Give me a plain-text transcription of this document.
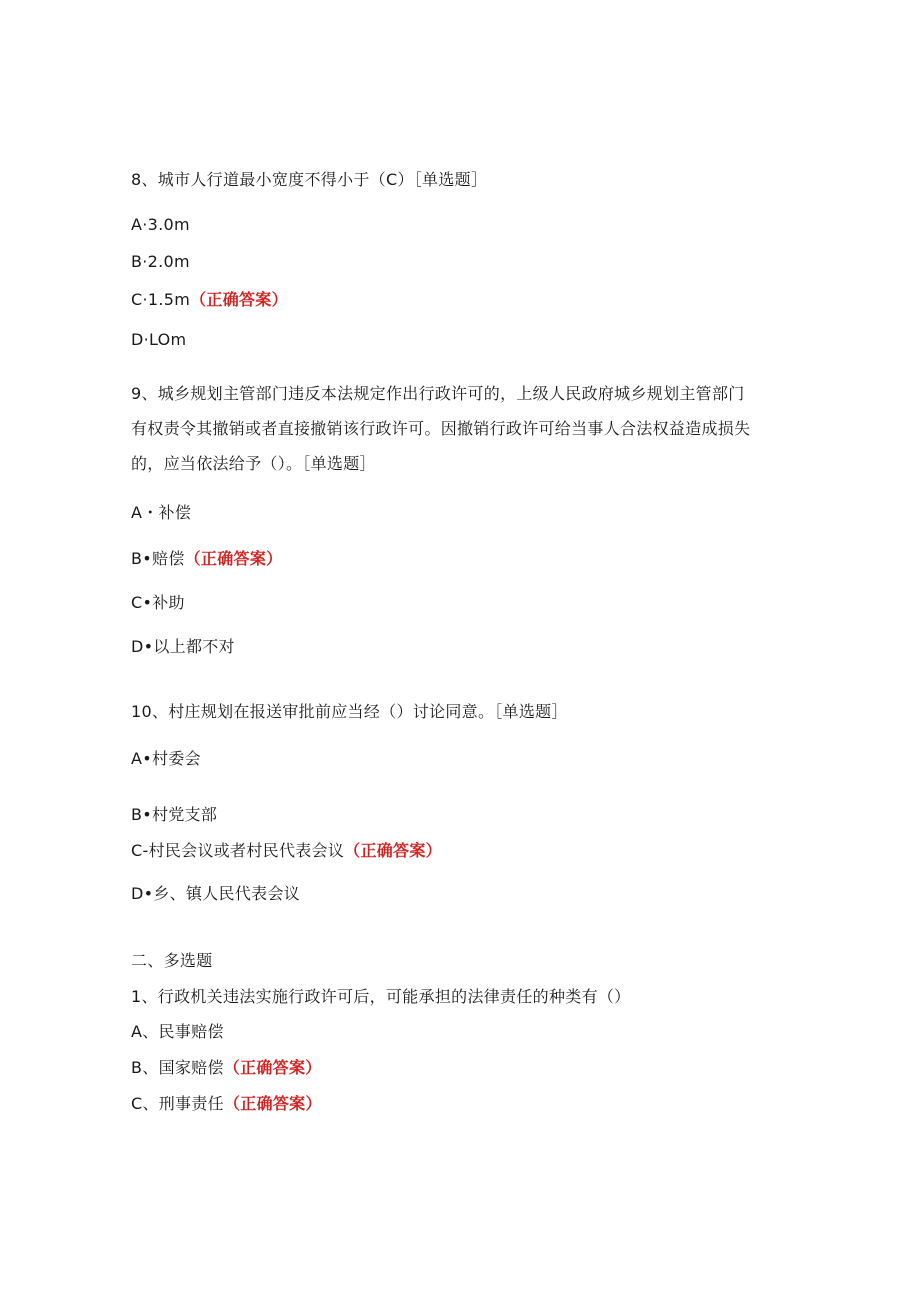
8、城市人行道最小宽度不得小于（C）［单选题］
A·3.0m
B·2.0m
C·1.5m（正确答案）
D·LOm
9、城乡规划主管部门违反本法规定作出行政许可的，上级人民政府城乡规划主管部门
有权责令其撤销或者直接撤销该行政许可。因撤销行政许可给当事人合法权益造成损失
的，应当依法给予（）。［单选题］
A・补偿
B•赔偿（正确答案）
C•补助
D•以上都不对
10、村庄规划在报送审批前应当经（）讨论同意。［单选题］
A•村委会
B•村党支部
C-村民会议或者村民代表会议（正确答案）
D•乡、镇人民代表会议
二、多选题
1、行政机关违法实施行政许可后，可能承担的法律责任的种类有（）
A、民事赔偿
B、国家赔偿（正确答案）
C、刑事责任（正确答案）
